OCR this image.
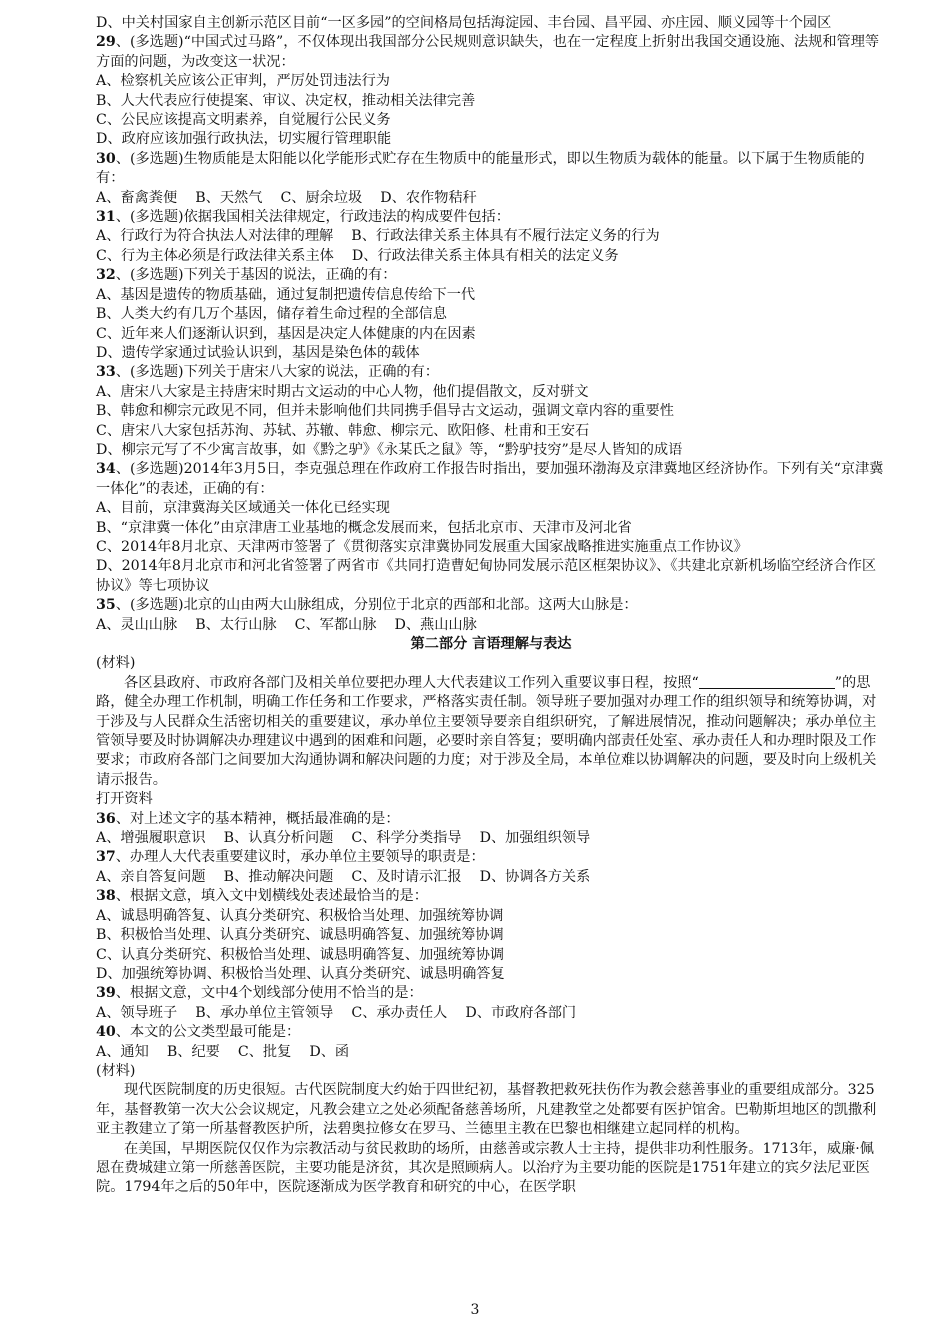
D、中关村国家自主创新示范区目前“一区多园”的空间格局包括海淀园、丰台园、昌平园、亦庄园、顺义园等十个园区

29、(多选题)“中国式过马路”，不仅体现出我国部分公民规则意识缺失，也在一定程度上折射出我国交通设施、法规和管理等方面的问题，为改变这一状况：

A、检察机关应该公正审判，严厉处罚违法行为

B、人大代表应行使提案、审议、决定权，推动相关法律完善

C、公民应该提高文明素养，自觉履行公民义务

D、政府应该加强行政执法，切实履行管理职能

30、(多选题)生物质能是太阳能以化学能形式贮存在生物质中的能量形式，即以生物质为载体的能量。以下属于生物质能的有：

A、畜禽粪便    B、天然气    C、厨余垃圾    D、农作物秸秆

31、(多选题)依据我国相关法律规定，行政违法的构成要件包括：

A、行政行为符合执法人对法律的理解    B、行政法律关系主体具有不履行法定义务的行为

C、行为主体必须是行政法律关系主体    D、行政法律关系主体具有相关的法定义务

32、(多选题)下列关于基因的说法，正确的有：

A、基因是遗传的物质基础，通过复制把遗传信息传给下一代

B、人类大约有几万个基因，储存着生命过程的全部信息

C、近年来人们逐渐认识到，基因是决定人体健康的内在因素

D、遗传学家通过试验认识到，基因是染色体的载体

33、(多选题)下列关于唐宋八大家的说法，正确的有：

A、唐宋八大家是主持唐宋时期古文运动的中心人物，他们提倡散文，反对骈文

B、韩愈和柳宗元政见不同，但并未影响他们共同携手倡导古文运动，强调文章内容的重要性

C、唐宋八大家包括苏洵、苏轼、苏辙、韩愈、柳宗元、欧阳修、杜甫和王安石

D、柳宗元写了不少寓言故事，如《黔之驴》《永某氏之鼠》等，“黔驴技穷”是尽人皆知的成语

34、(多选题)2014年3月5日，李克强总理在作政府工作报告时指出，要加强环渤海及京津冀地区经济协作。下列有关“京津冀一体化”的表述，正确的有：

A、目前，京津冀海关区域通关一体化已经实现

B、“京津冀一体化”由京津唐工业基地的概念发展而来，包括北京市、天津市及河北省

C、2014年8月北京、天津两市签署了《贯彻落实京津冀协同发展重大国家战略推进实施重点工作协议》

D、2014年8月北京市和河北省签署了两省市《共同打造曹妃甸协同发展示范区框架协议》、《共建北京新机场临空经济合作区协议》等七项协议

35、(多选题)北京的山由两大山脉组成，分别位于北京的西部和北部。这两大山脉是：

A、灵山山脉    B、太行山脉    C、军都山脉    D、燕山山脉

第二部分 言语理解与表达

(材料)

各区县政府、市政府各部门及相关单位要把办理人大代表建议工作列入重要议事日程，按照“	”的思路，健全办理工作机制，明确工作任务和工作要求，严格落实责任制。领导班子要加强对办理工作的组织领导和统筹协调，对于涉及与人民群众生活密切相关的重要建议，承办单位主要领导要亲自组织研究，了解进展情况，推动问题解决；承办单位主管领导要及时协调解决办理建议中遇到的困难和问题，必要时亲自答复；要明确内部责任处室、承办责任人和办理时限及工作要求；市政府各部门之间要加大沟通协调和解决问题的力度；对于涉及全局，本单位难以协调解决的问题，要及时向上级机关请示报告。

打开资料

36、对上述文字的基本精神，概括最准确的是：

A、增强履职意识    B、认真分析问题    C、科学分类指导    D、加强组织领导

37、办理人大代表重要建议时，承办单位主要领导的职责是：

A、亲自答复问题    B、推动解决问题    C、及时请示汇报    D、协调各方关系

38、根据文意，填入文中划横线处表述最恰当的是：

A、诚恳明确答复、认真分类研究、积极恰当处理、加强统筹协调

B、积极恰当处理、认真分类研究、诚恳明确答复、加强统筹协调

C、认真分类研究、积极恰当处理、诚恳明确答复、加强统筹协调

D、加强统筹协调、积极恰当处理、认真分类研究、诚恳明确答复

39、根据文意，文中4个划线部分使用不恰当的是：

A、领导班子    B、承办单位主管领导    C、承办责任人    D、市政府各部门

40、本文的公文类型最可能是：

A、通知    B、纪要    C、批复    D、函

(材料)

现代医院制度的历史很短。古代医院制度大约始于四世纪初，基督教把救死扶伤作为教会慈善事业的重要组成部分。325年，基督教第一次大公会议规定，凡教会建立之处必须配备慈善场所，凡建教堂之处都要有医护馆舍。巴勒斯坦地区的凯撒利亚主教建立了第一所基督教医护所，法碧奥拉修女在罗马、兰德里主教在巴黎也相继建立起同样的机构。

在美国，早期医院仅仅作为宗教活动与贫民救助的场所，由慈善或宗教人士主持，提供非功利性服务。1713年，威廉·佩恩在费城建立第一所慈善医院，主要功能是济贫，其次是照顾病人。以治疗为主要功能的医院是1751年建立的宾夕法尼亚医院。1794年之后的50年中，医院逐渐成为医学教育和研究的中心，在医学职

3
